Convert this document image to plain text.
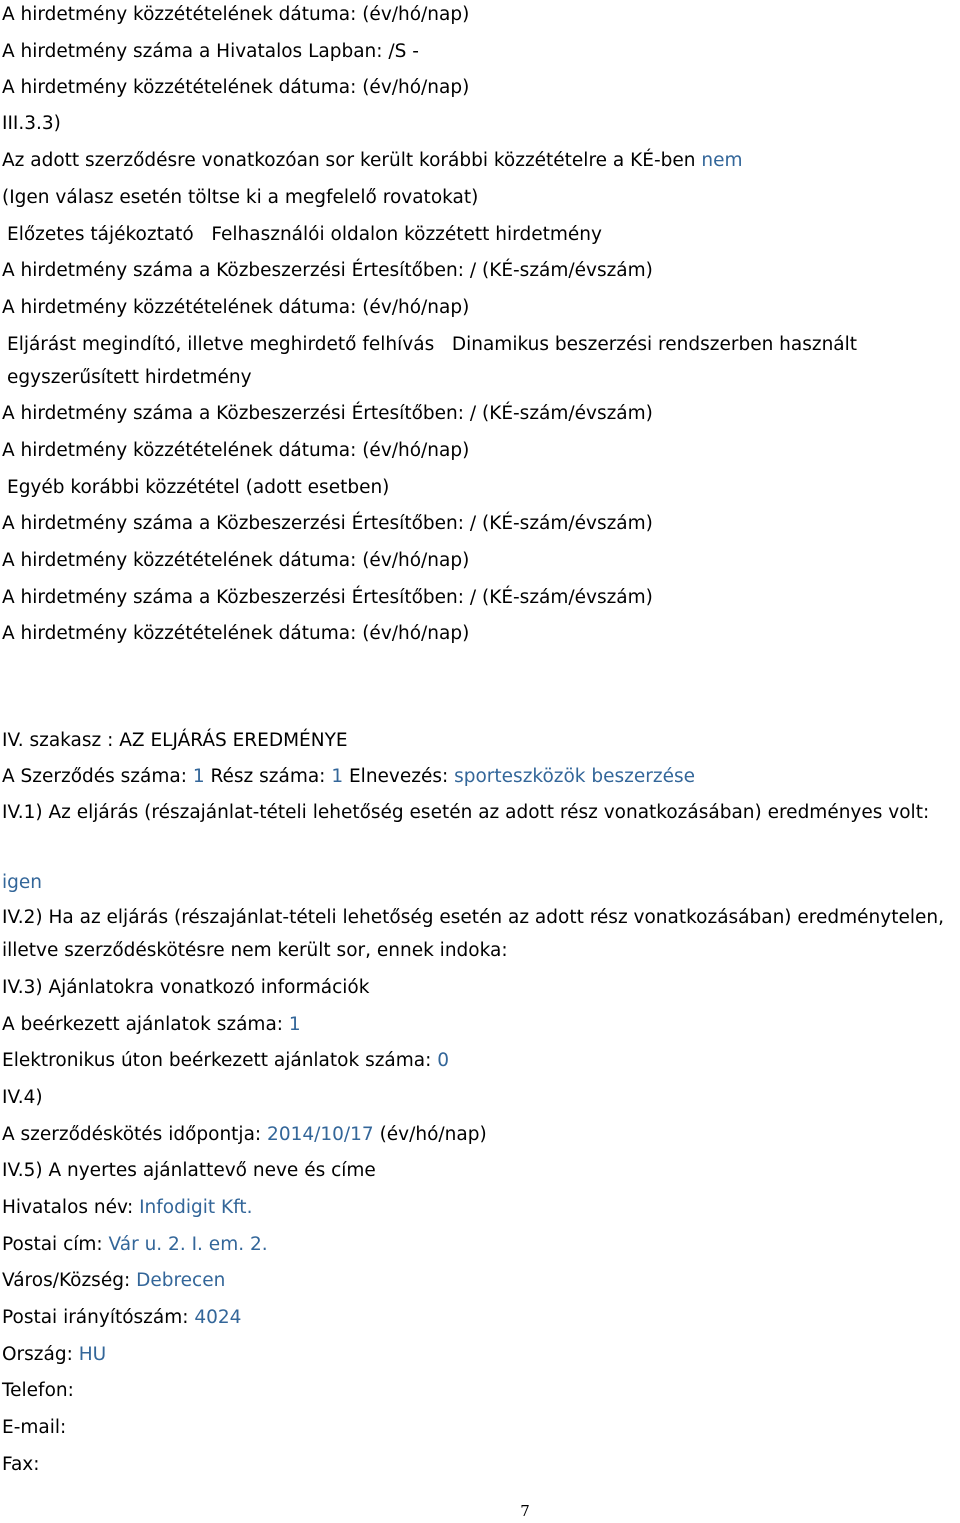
A hirdetmény közzétételének dátuma: (év/hó/nap)
A hirdetmény száma a Hivatalos Lapban: /S -
A hirdetmény közzétételének dátuma: (év/hó/nap)
III.3.3)
Az adott szerződésre vonatkozóan sor került korábbi közzétételre a KÉ-ben nem
(Igen válasz esetén töltse ki a megfelelő rovatokat)
Előzetes tájékoztató   Felhasználói oldalon közzétett hirdetmény
A hirdetmény száma a Közbeszerzési Értesítőben: / (KÉ-szám/évszám)
A hirdetmény közzétételének dátuma: (év/hó/nap)
Eljárást megindító, illetve meghirdető felhívás   Dinamikus beszerzési rendszerben használt egyszerűsített hirdetmény
A hirdetmény száma a Közbeszerzési Értesítőben: / (KÉ-szám/évszám)
A hirdetmény közzétételének dátuma: (év/hó/nap)
Egyéb korábbi közzététel (adott esetben)
A hirdetmény száma a Közbeszerzési Értesítőben: / (KÉ-szám/évszám)
A hirdetmény közzétételének dátuma: (év/hó/nap)
A hirdetmény száma a Közbeszerzési Értesítőben: / (KÉ-szám/évszám)
A hirdetmény közzétételének dátuma: (év/hó/nap)
IV. szakasz : AZ ELJÁRÁS EREDMÉNYE
A Szerződés száma: 1 Rész száma: 1 Elnevezés: sporteszközök beszerzése
IV.1) Az eljárás (részajánlat-tételi lehetőség esetén az adott rész vonatkozásában) eredményes volt:
igen
IV.2) Ha az eljárás (részajánlat-tételi lehetőség esetén az adott rész vonatkozásában) eredménytelen, illetve szerződéskötésre nem került sor, ennek indoka:
IV.3) Ajánlatokra vonatkozó információk
A beérkezett ajánlatok száma: 1
Elektronikus úton beérkezett ajánlatok száma: 0
IV.4)
A szerződéskötés időpontja: 2014/10/17 (év/hó/nap)
IV.5) A nyertes ajánlattevő neve és címe
Hivatalos név: Infodigit Kft.
Postai cím: Vár u. 2. I. em. 2.
Város/Község: Debrecen
Postai irányítószám: 4024
Ország: HU
Telefon:
E-mail:
Fax:
7
